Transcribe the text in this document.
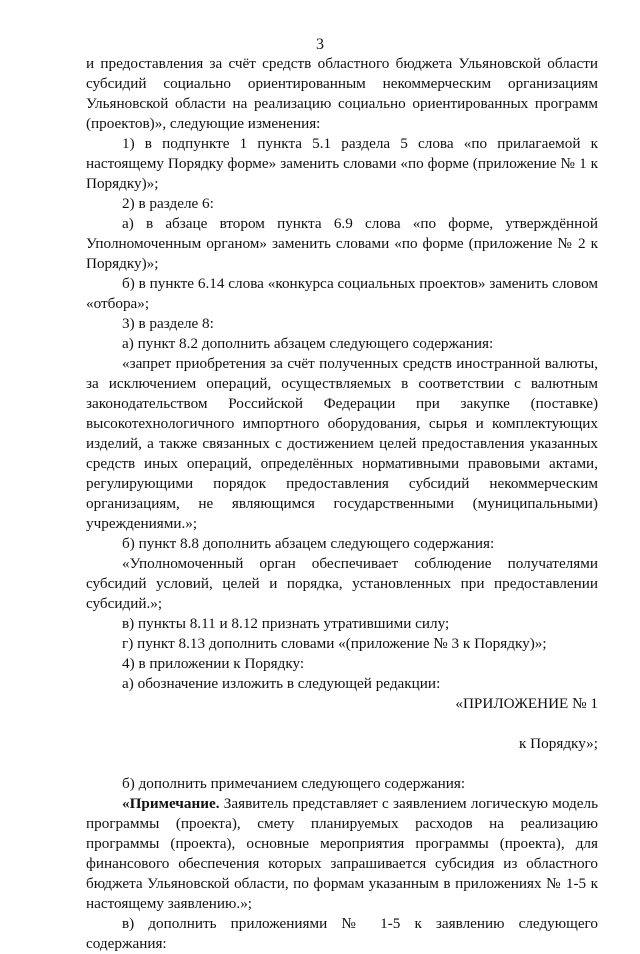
3

и предоставления за счёт средств областного бюджета Ульяновской области субсидий социально ориентированным некоммерческим организациям Ульяновской области на реализацию социально ориентированных программ (проектов)», следующие изменения:

1) в подпункте 1 пункта 5.1 раздела 5 слова «по прилагаемой к настоящему Порядку форме» заменить словами «по форме (приложение № 1 к Порядку)»;

2) в разделе 6:

а) в абзаце втором пункта 6.9 слова «по форме, утверждённой Уполномоченным органом» заменить словами «по форме (приложение № 2 к Порядку)»;

б) в пункте 6.14 слова «конкурса социальных проектов» заменить словом «отбора»;

3) в разделе 8:

а) пункт 8.2 дополнить абзацем следующего содержания:

«запрет приобретения за счёт полученных средств иностранной валюты, за исключением операций, осуществляемых в соответствии с валютным законодательством Российской Федерации при закупке (поставке) высокотехнологичного импортного оборудования, сырья и комплектующих изделий, а также связанных с достижением целей предоставления указанных средств иных операций, определённых нормативными правовыми актами, регулирующими порядок предоставления субсидий некоммерческим организациям, не являющимся государственными (муниципальными) учреждениями.»;

б) пункт 8.8 дополнить абзацем следующего содержания:

«Уполномоченный орган обеспечивает соблюдение получателями субсидий условий, целей и порядка, установленных при предоставлении субсидий.»;

в) пункты 8.11 и 8.12 признать утратившими силу;

г) пункт 8.13 дополнить словами «(приложение № 3 к Порядку)»;

4) в приложении к Порядку:

а) обозначение изложить в следующей редакции:

«ПРИЛОЖЕНИЕ № 1

к Порядку»;

б) дополнить примечанием следующего содержания:

«Примечание. Заявитель представляет с заявлением логическую модель программы (проекта), смету планируемых расходов на реализацию программы (проекта), основные мероприятия программы (проекта), для финансового обеспечения которых запрашивается субсидия из областного бюджета Ульяновской области, по формам указанным в приложениях № 1-5 к настоящему заявлению.»;

в) дополнить приложениями № 1-5 к заявлению следующего содержания:
